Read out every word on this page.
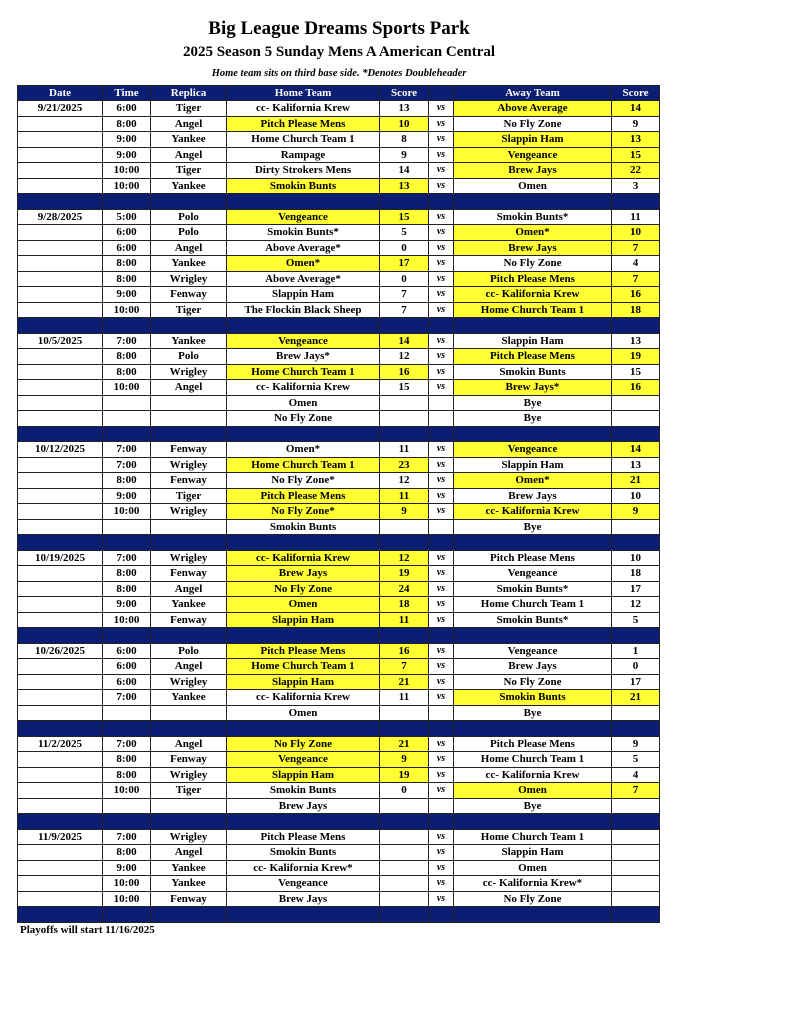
Big League Dreams Sports Park
2025 Season 5 Sunday Mens A American Central
Home team sits on third base side. *Denotes Doubleheader
Date	Time	Replica	Home Team	Score		Away Team	Score
9/21/2025	6:00	Tiger	cc- Kalifornia Krew	13	vs	Above Average	14
	8:00	Angel	Pitch Please Mens	10	vs	No Fly Zone	9
	9:00	Yankee	Home Church Team 1	8	vs	Slappin Ham	13
	9:00	Angel	Rampage	9	vs	Vengeance	15
	10:00	Tiger	Dirty Strokers Mens	14	vs	Brew Jays	22
	10:00	Yankee	Smokin Bunts	13	vs	Omen	3

9/28/2025	5:00	Polo	Vengeance	15	vs	Smokin Bunts*	11
	6:00	Polo	Smokin Bunts*	5	vs	Omen*	10
	6:00	Angel	Above Average*	0	vs	Brew Jays	7
	8:00	Yankee	Omen*	17	vs	No Fly Zone	4
	8:00	Wrigley	Above Average*	0	vs	Pitch Please Mens	7
	9:00	Fenway	Slappin Ham	7	vs	cc- Kalifornia Krew	16
	10:00	Tiger	The Flockin Black Sheep	7	vs	Home Church Team 1	18

10/5/2025	7:00	Yankee	Vengeance	14	vs	Slappin Ham	13
	8:00	Polo	Brew Jays*	12	vs	Pitch Please Mens	19
	8:00	Wrigley	Home Church Team 1	16	vs	Smokin Bunts	15
	10:00	Angel	cc- Kalifornia Krew	15	vs	Brew Jays*	16
			Omen			Bye	
			No Fly Zone			Bye	

10/12/2025	7:00	Fenway	Omen*	11	vs	Vengeance	14
	7:00	Wrigley	Home Church Team 1	23	vs	Slappin Ham	13
	8:00	Fenway	No Fly Zone*	12	vs	Omen*	21
	9:00	Tiger	Pitch Please Mens	11	vs	Brew Jays	10
	10:00	Wrigley	No Fly Zone*	9	vs	cc- Kalifornia Krew	9
			Smokin Bunts			Bye	

10/19/2025	7:00	Wrigley	cc- Kalifornia Krew	12	vs	Pitch Please Mens	10
	8:00	Fenway	Brew Jays	19	vs	Vengeance	18
	8:00	Angel	No Fly Zone	24	vs	Smokin Bunts*	17
	9:00	Yankee	Omen	18	vs	Home Church Team 1	12
	10:00	Fenway	Slappin Ham	11	vs	Smokin Bunts*	5

10/26/2025	6:00	Polo	Pitch Please Mens	16	vs	Vengeance	1
	6:00	Angel	Home Church Team 1	7	vs	Brew Jays	0
	6:00	Wrigley	Slappin Ham	21	vs	No Fly Zone	17
	7:00	Yankee	cc- Kalifornia Krew	11	vs	Smokin Bunts	21
			Omen			Bye	

11/2/2025	7:00	Angel	No Fly Zone	21	vs	Pitch Please Mens	9
	8:00	Fenway	Vengeance	9	vs	Home Church Team 1	5
	8:00	Wrigley	Slappin Ham	19	vs	cc- Kalifornia Krew	4
	10:00	Tiger	Smokin Bunts	0	vs	Omen	7
			Brew Jays			Bye	

11/9/2025	7:00	Wrigley	Pitch Please Mens		vs	Home Church Team 1	
	8:00	Angel	Smokin Bunts		vs	Slappin Ham	
	9:00	Yankee	cc- Kalifornia Krew*		vs	Omen	
	10:00	Yankee	Vengeance		vs	cc- Kalifornia Krew*	
	10:00	Fenway	Brew Jays		vs	No Fly Zone	

Playoffs will start 11/16/2025
